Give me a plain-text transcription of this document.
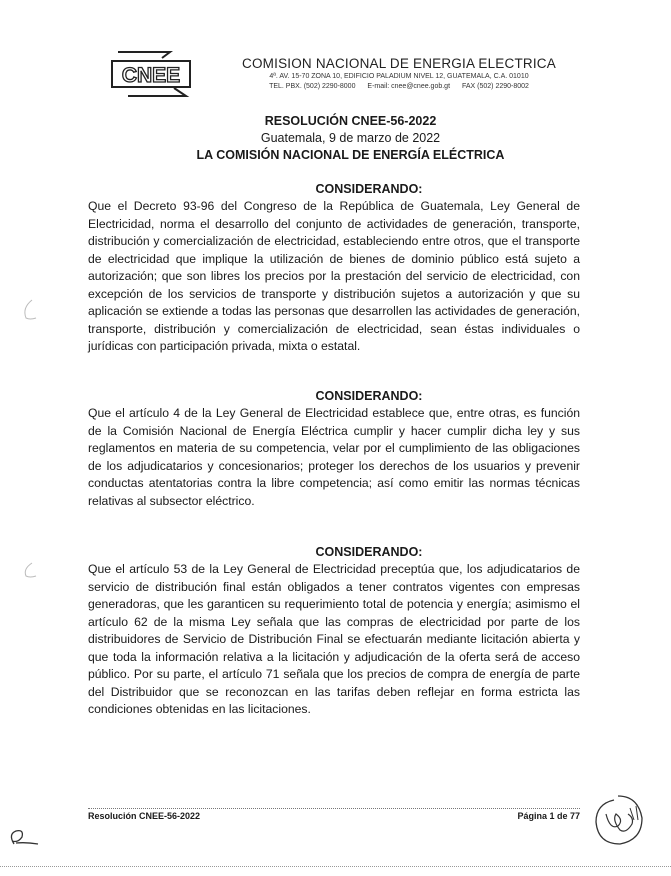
CNEE
COMISION NACIONAL DE ENERGIA ELECTRICA
4ª. AV. 15-70 ZONA 10, EDIFICIO PALADIUM NIVEL 12, GUATEMALA, C.A. 01010
TEL. PBX. (502) 2290-8000 E-mail: cnee@cnee.gob.gt FAX (502) 2290-8002
RESOLUCIÓN CNEE-56-2022
Guatemala, 9 de marzo de 2022
LA COMISIÓN NACIONAL DE ENERGÍA ELÉCTRICA
CONSIDERANDO:

Que el Decreto 93-96 del Congreso de la República de Guatemala, Ley General de Electricidad, norma el desarrollo del conjunto de actividades de generación, transporte, distribución y comercialización de electricidad, estableciendo entre otros, que el transporte de electricidad que implique la utilización de bienes de dominio público está sujeto a autorización; que son libres los precios por la prestación del servicio de electricidad, con excepción de los servicios de transporte y distribución sujetos a autorización y que su aplicación se extiende a todas las personas que desarrollen las actividades de generación, transporte, distribución y comercialización de electricidad, sean éstas individuales o jurídicas con participación privada, mixta o estatal.

CONSIDERANDO:

Que el artículo 4 de la Ley General de Electricidad establece que, entre otras, es función de la Comisión Nacional de Energía Eléctrica cumplir y hacer cumplir dicha ley y sus reglamentos en materia de su competencia, velar por el cumplimiento de las obligaciones de los adjudicatarios y concesionarios; proteger los derechos de los usuarios y prevenir conductas atentatorias contra la libre competencia; así como emitir las normas técnicas relativas al subsector eléctrico.

CONSIDERANDO:

Que el artículo 53 de la Ley General de Electricidad preceptúa que, los adjudicatarios de servicio de distribución final están obligados a tener contratos vigentes con empresas generadoras, que les garanticen su requerimiento total de potencia y energía; asimismo el artículo 62 de la misma Ley señala que las compras de electricidad por parte de los distribuidores de Servicio de Distribución Final se efectuarán mediante licitación abierta y que toda la información relativa a la licitación y adjudicación de la oferta será de acceso público. Por su parte, el artículo 71 señala que los precios de compra de energía de parte del Distribuidor que se reconozcan en las tarifas deben reflejar en forma estricta las condiciones obtenidas en las licitaciones.

Resolución CNEE-56-2022	Página 1 de 77
